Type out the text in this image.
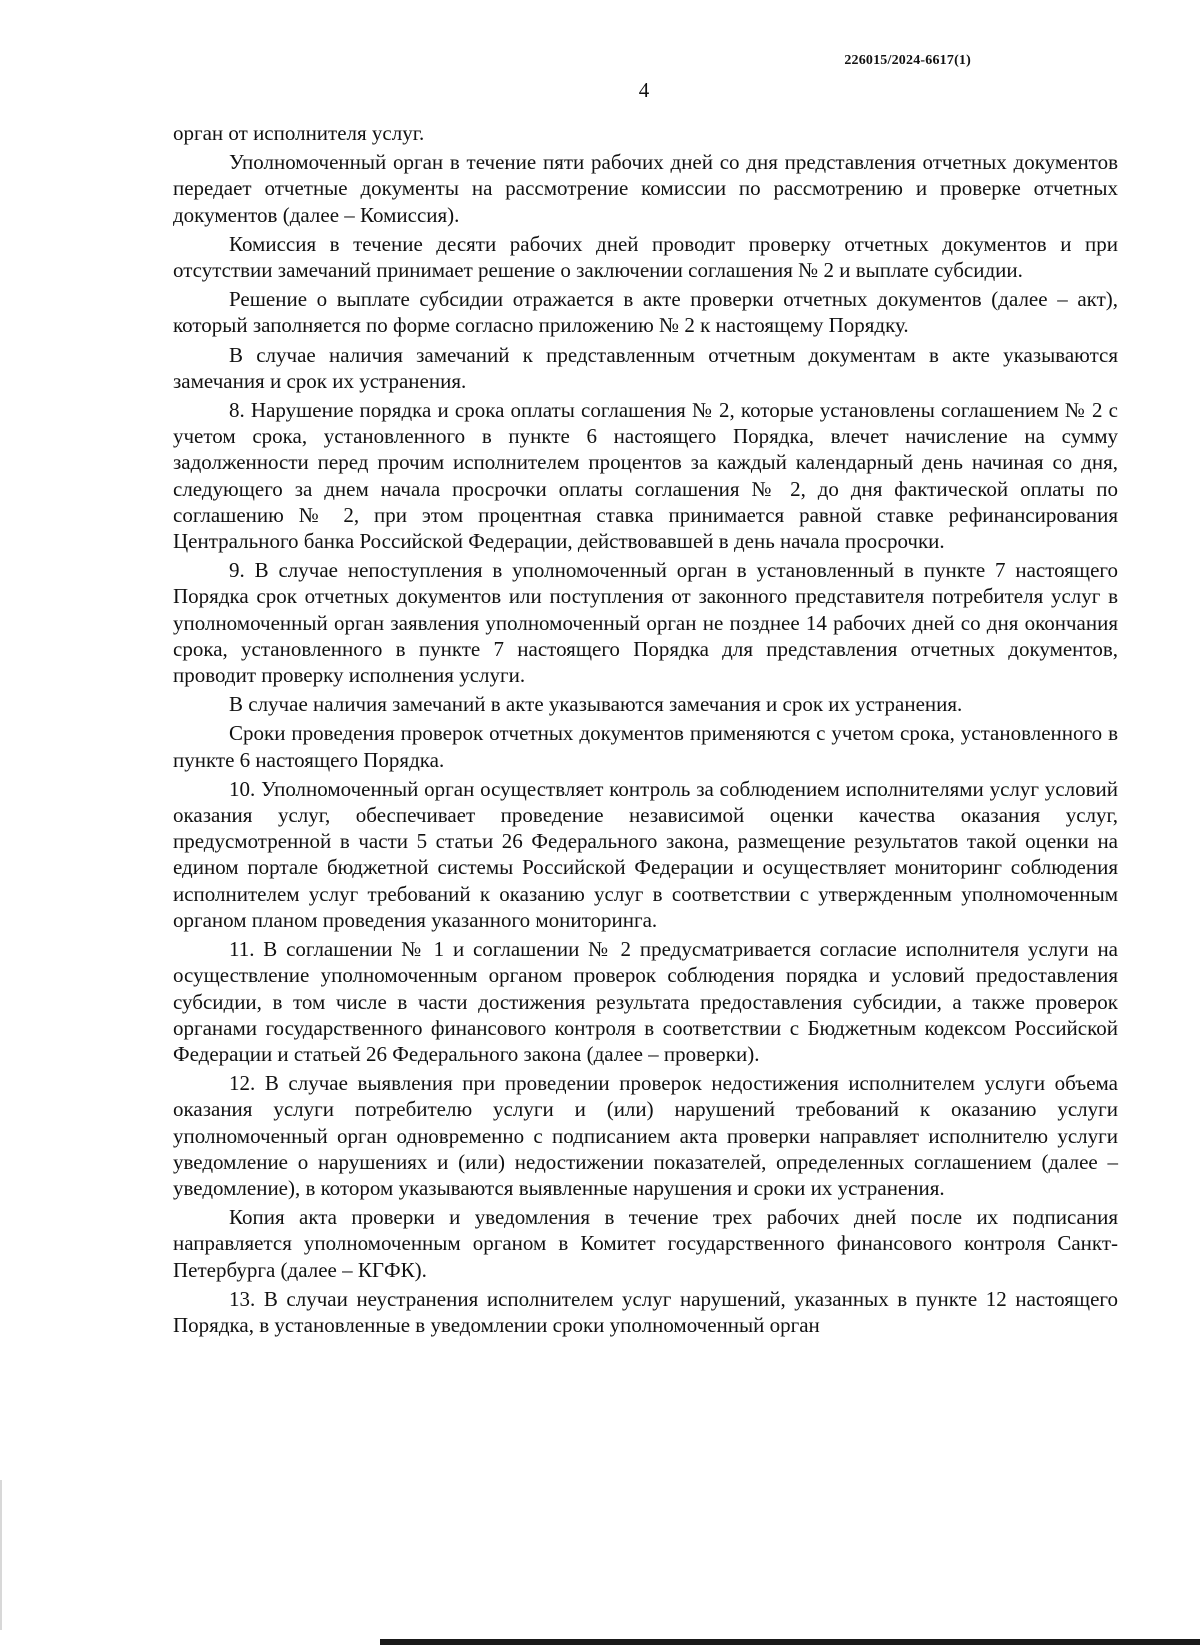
226015/2024-6617(1)
4

орган от исполнителя услуг.

Уполномоченный орган в течение пяти рабочих дней со дня представления отчетных документов передает отчетные документы на рассмотрение комиссии по рассмотрению и проверке отчетных документов (далее – Комиссия).

Комиссия в течение десяти рабочих дней проводит проверку отчетных документов и при отсутствии замечаний принимает решение о заключении соглашения № 2 и выплате субсидии.

Решение о выплате субсидии отражается в акте проверки отчетных документов (далее – акт), который заполняется по форме согласно приложению № 2 к настоящему Порядку.

В случае наличия замечаний к представленным отчетным документам в акте указываются замечания и срок их устранения.

8. Нарушение порядка и срока оплаты соглашения № 2, которые установлены соглашением № 2 с учетом срока, установленного в пункте 6 настоящего Порядка, влечет начисление на сумму задолженности перед прочим исполнителем процентов за каждый календарный день начиная со дня, следующего за днем начала просрочки оплаты соглашения № 2, до дня фактической оплаты по соглашению № 2, при этом процентная ставка принимается равной ставке рефинансирования Центрального банка Российской Федерации, действовавшей в день начала просрочки.

9. В случае непоступления в уполномоченный орган в установленный в пункте 7 настоящего Порядка срок отчетных документов или поступления от законного представителя потребителя услуг в уполномоченный орган заявления уполномоченный орган не позднее 14 рабочих дней со дня окончания срока, установленного в пункте 7 настоящего Порядка для представления отчетных документов, проводит проверку исполнения услуги.

В случае наличия замечаний в акте указываются замечания и срок их устранения.

Сроки проведения проверок отчетных документов применяются с учетом срока, установленного в пункте 6 настоящего Порядка.

10. Уполномоченный орган осуществляет контроль за соблюдением исполнителями услуг условий оказания услуг, обеспечивает проведение независимой оценки качества оказания услуг, предусмотренной в части 5 статьи 26 Федерального закона, размещение результатов такой оценки на едином портале бюджетной системы Российской Федерации и осуществляет мониторинг соблюдения исполнителем услуг требований к оказанию услуг в соответствии с утвержденным уполномоченным органом планом проведения указанного мониторинга.

11. В соглашении № 1 и соглашении № 2 предусматривается согласие исполнителя услуги на осуществление уполномоченным органом проверок соблюдения порядка и условий предоставления субсидии, в том числе в части достижения результата предоставления субсидии, а также проверок органами государственного финансового контроля в соответствии с Бюджетным кодексом Российской Федерации и статьей 26 Федерального закона (далее – проверки).

12. В случае выявления при проведении проверок недостижения исполнителем услуги объема оказания услуги потребителю услуги и (или) нарушений требований к оказанию услуги уполномоченный орган одновременно с подписанием акта проверки направляет исполнителю услуги уведомление о нарушениях и (или) недостижении показателей, определенных соглашением (далее – уведомление), в котором указываются выявленные нарушения и сроки их устранения.

Копия акта проверки и уведомления в течение трех рабочих дней после их подписания направляется уполномоченным органом в Комитет государственного финансового контроля Санкт-Петербурга (далее – КГФК).

13. В случаи неустранения исполнителем услуг нарушений, указанных в пункте 12 настоящего Порядка, в установленные в уведомлении сроки уполномоченный орган
